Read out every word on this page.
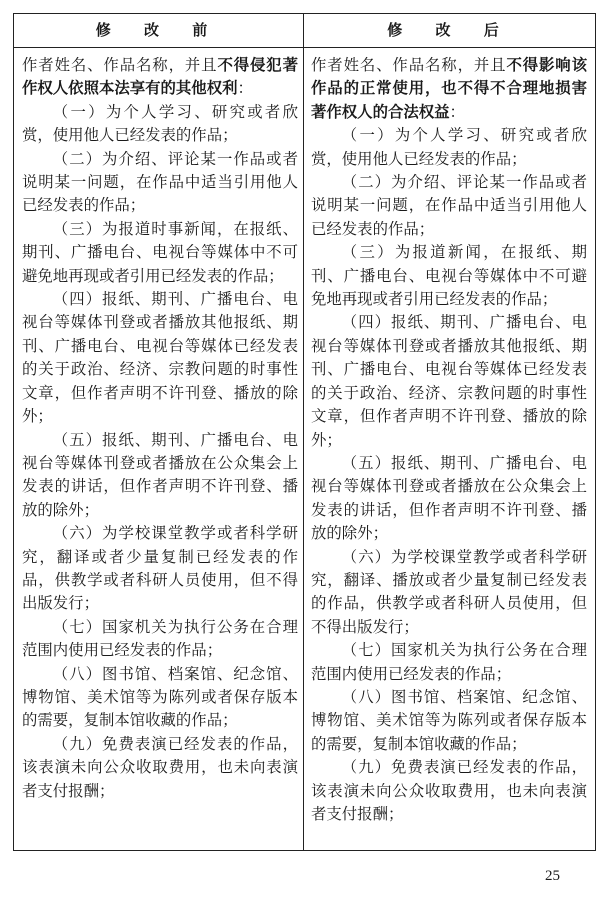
修 改 前	修 改 后

作者姓名、作品名称，并且不得侵犯著作权人依照本法享有的其他权利：

（一）为个人学习、研究或者欣赏，使用他人已经发表的作品；

（二）为介绍、评论某一作品或者说明某一问题，在作品中适当引用他人已经发表的作品；

（三）为报道时事新闻，在报纸、期刊、广播电台、电视台等媒体中不可避免地再现或者引用已经发表的作品；

（四）报纸、期刊、广播电台、电视台等媒体刊登或者播放其他报纸、期刊、广播电台、电视台等媒体已经发表的关于政治、经济、宗教问题的时事性文章，但作者声明不许刊登、播放的除外；

（五）报纸、期刊、广播电台、电视台等媒体刊登或者播放在公众集会上发表的讲话，但作者声明不许刊登、播放的除外；

（六）为学校课堂教学或者科学研究，翻译或者少量复制已经发表的作品，供教学或者科研人员使用，但不得出版发行；

（七）国家机关为执行公务在合理范围内使用已经发表的作品；

（八）图书馆、档案馆、纪念馆、博物馆、美术馆等为陈列或者保存版本的需要，复制本馆收藏的作品；

（九）免费表演已经发表的作品，该表演未向公众收取费用，也未向表演者支付报酬；

作者姓名、作品名称，并且不得影响该作品的正常使用，也不得不合理地损害著作权人的合法权益：

（一）为个人学习、研究或者欣赏，使用他人已经发表的作品；

（二）为介绍、评论某一作品或者说明某一问题，在作品中适当引用他人已经发表的作品；

（三）为报道新闻，在报纸、期刊、广播电台、电视台等媒体中不可避免地再现或者引用已经发表的作品；

（四）报纸、期刊、广播电台、电视台等媒体刊登或者播放其他报纸、期刊、广播电台、电视台等媒体已经发表的关于政治、经济、宗教问题的时事性文章，但作者声明不许刊登、播放的除外；

（五）报纸、期刊、广播电台、电视台等媒体刊登或者播放在公众集会上发表的讲话，但作者声明不许刊登、播放的除外；

（六）为学校课堂教学或者科学研究，翻译、播放或者少量复制已经发表的作品，供教学或者科研人员使用，但不得出版发行；

（七）国家机关为执行公务在合理范围内使用已经发表的作品；

（八）图书馆、档案馆、纪念馆、博物馆、美术馆等为陈列或者保存版本的需要，复制本馆收藏的作品；

（九）免费表演已经发表的作品，该表演未向公众收取费用，也未向表演者支付报酬；

25
